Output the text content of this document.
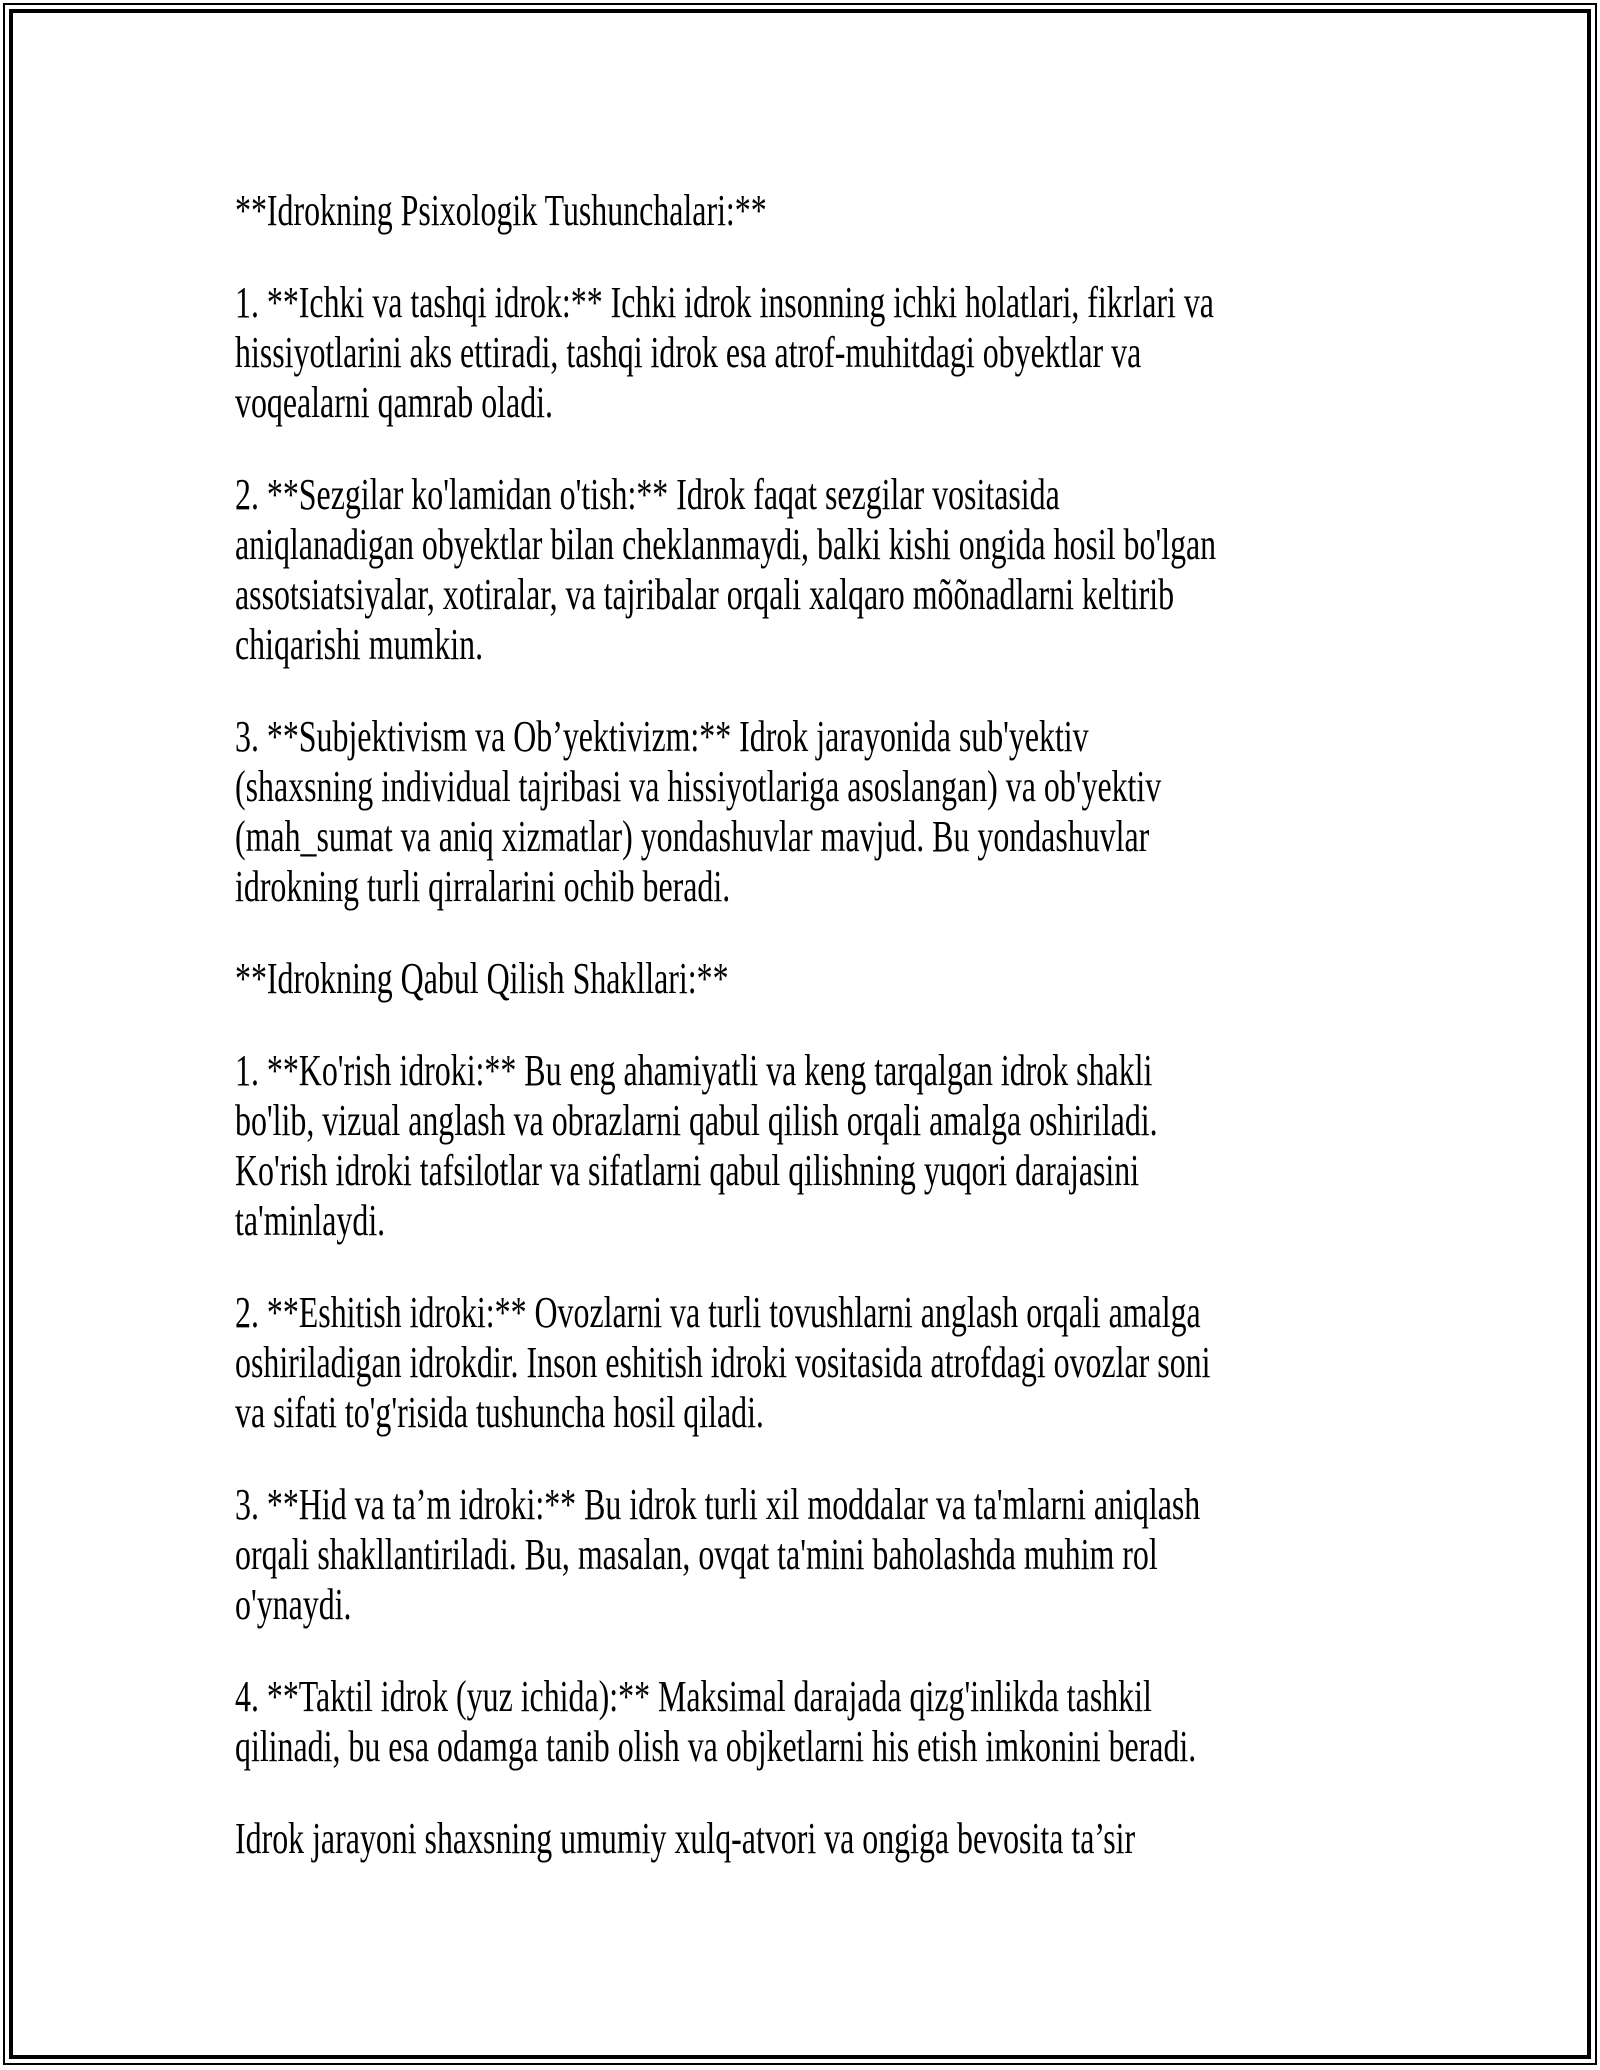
**Idrokning Psixologik Tushunchalari:**
1. **Ichki va tashqi idrok:** Ichki idrok insonning ichki holatlari, fikrlari va
hissiyotlarini aks ettiradi, tashqi idrok esa atrof-muhitdagi obyektlar va
voqealarni qamrab oladi.
2. **Sezgilar ko'lamidan o'tish:** Idrok faqat sezgilar vositasida
aniqlanadigan obyektlar bilan cheklanmaydi, balki kishi ongida hosil bo'lgan
assotsiatsiyalar, xotiralar, va tajribalar orqali xalqaro mõõnadlarni keltirib
chiqarishi mumkin.
3. **Subjektivism va Ob’yektivizm:** Idrok jarayonida sub'yektiv
(shaxsning individual tajribasi va hissiyotlariga asoslangan) va ob'yektiv
(mah_sumat va aniq xizmatlar) yondashuvlar mavjud. Bu yondashuvlar
idrokning turli qirralarini ochib beradi.
**Idrokning Qabul Qilish Shakllari:**
1. **Ko'rish idroki:** Bu eng ahamiyatli va keng tarqalgan idrok shakli
bo'lib, vizual anglash va obrazlarni qabul qilish orqali amalga oshiriladi.
Ko'rish idroki tafsilotlar va sifatlarni qabul qilishning yuqori darajasini
ta'minlaydi.
2. **Eshitish idroki:** Ovozlarni va turli tovushlarni anglash orqali amalga
oshiriladigan idrokdir. Inson eshitish idroki vositasida atrofdagi ovozlar soni
va sifati to'g'risida tushuncha hosil qiladi.
3. **Hid va ta’m idroki:** Bu idrok turli xil moddalar va ta'mlarni aniqlash
orqali shakllantiriladi. Bu, masalan, ovqat ta'mini baholashda muhim rol
o'ynaydi.
4. **Taktil idrok (yuz ichida):** Maksimal darajada qizg'inlikda tashkil
qilinadi, bu esa odamga tanib olish va objketlarni his etish imkonini beradi.
Idrok jarayoni shaxsning umumiy xulq-atvori va ongiga bevosita ta’sir
